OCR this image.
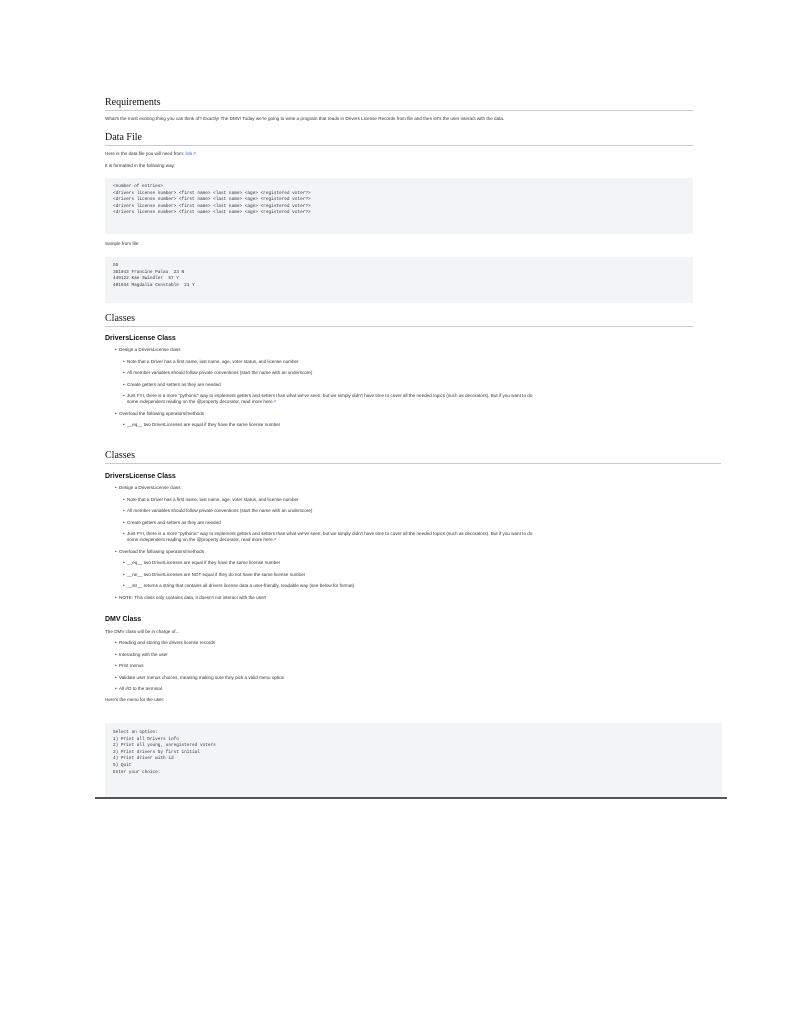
Requirements

What's the most exciting thing you can think of? Exactly! The DMV! Today we're going to write a program that reads in Drivers License Records from file and then let's the user interact with the data.

Data File

Here is the data file you will need from: link↗

It is formatted in the following way:

<number of entries>
<drivers license number> <first name> <last name> <age> <registered voter?>
<drivers license number> <first name> <last name> <age> <registered voter?>
<drivers license number> <first name> <last name> <age> <registered voter?>
<drivers license number> <first name> <last name> <age> <registered voter?>

Sample from file:

55
381043 Francine Palau  23 N
449122 Kae Swindler  57 Y
401934 Magdalia Constable  21 Y
Classes
DriversLicense Class
• Design a DriversLicense class
• Note that a Driver has a first name, last name, age, voter status, and license number
• All member variables should follow private conventions (start the name with an underscore)
• Create getters and setters as they are needed
• Just FYI, there is a more "pythonic" way to implement getters and setters than what we've seen, but we simply didn't have time to cover all the needed topics (such as decorators). But if you want to do
some independent reading on the @property decorator, read more here↗
• Overload the following operators/methods
• __eq__ two DriverLicenses are equal if they have the same license number
Classes
DriversLicense Class
• Design a DriversLicense class
• Note that a Driver has a first name, last name, age, voter status, and license number
• All member variables should follow private conventions (start the name with an underscore)
• Create getters and setters as they are needed
• Just FYI, there is a more "pythonic" way to implement getters and setters than what we've seen, but we simply didn't have time to cover all the needed topics (such as decorators). But if you want to do
some independent reading on the @property decorator, read more here↗
• Overload the following operators/methods
• __eq__ two DriverLicenses are equal if they have the same license number
• __ne__ two DriverLicenses are NOT equal if they do not have the same license number
• __str__ returns a string that contains all drivers license data a user-friendly, readable way (see below for format)
• NOTE: This class only contains data, it doesn't not interact with the user!
DMV Class

The DMV class will be in charge of...

• Reading and storing the drivers license records
• Interacting with the user
• Print menus
• Validate user menus choices, meaning making sure they pick a valid menu option
• All I/O to the terminal

Here's the menu for the user:

Select an option:
1) Print all Drivers info
2) Print all young, unregistered voters
3) Print drivers by first initial
4) Print driver with id
5) Quit
Enter your choice:
